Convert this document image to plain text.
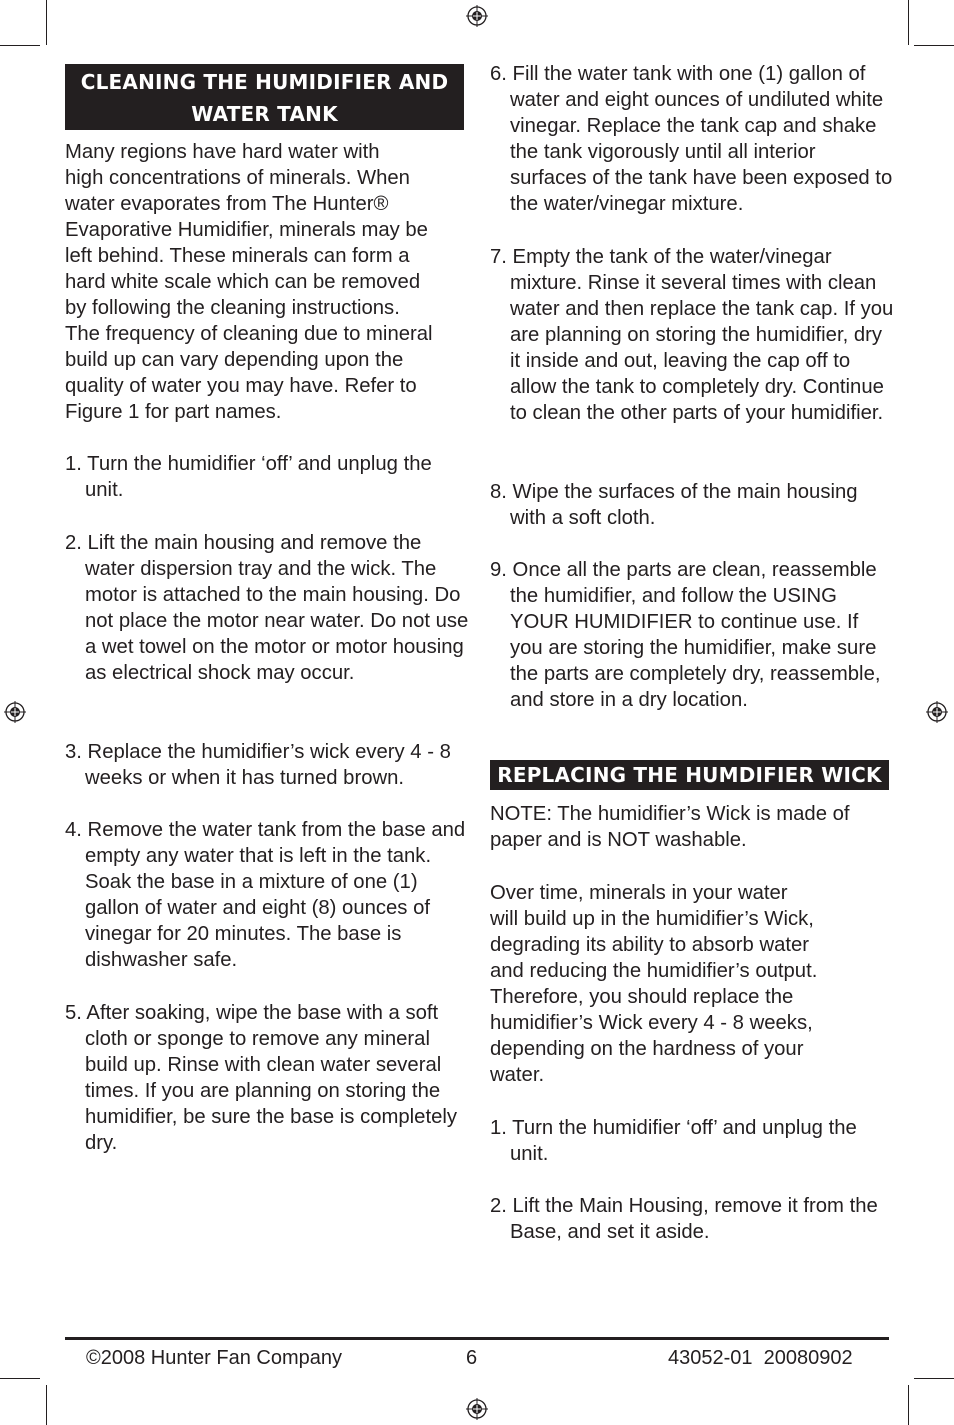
CLEANING THE HUMIDIFIER AND WATER TANK

Many regions have hard water with
high concentrations of minerals. When
water evaporates from The Hunter®
Evaporative Humidifier, minerals may be
left behind. These minerals can form a
hard white scale which can be removed
by following the cleaning instructions.
The frequency of cleaning due to mineral
build up can vary depending upon the
quality of water you may have. Refer to
Figure 1 for part names.

1. Turn the humidifier ‘off’ and unplug the unit.

2. Lift the main housing and remove the water dispersion tray and the wick. The motor is attached to the main housing. Do not place the motor near water. Do not use a wet towel on the motor or motor housing as electrical shock may occur.

3. Replace the humidifier’s wick every 4 - 8 weeks or when it has turned brown.

4. Remove the water tank from the base and empty any water that is left in the tank. Soak the base in a mixture of one (1) gallon of water and eight (8) ounces of vinegar for 20 minutes. The base is dishwasher safe.

5. After soaking, wipe the base with a soft cloth or sponge to remove any mineral build up. Rinse with clean water several times. If you are planning on storing the humidifier, be sure the base is completely dry.

6. Fill the water tank with one (1) gallon of water and eight ounces of undiluted white vinegar. Replace the tank cap and shake the tank vigorously until all interior surfaces of the tank have been exposed to the water/vinegar mixture.

7. Empty the tank of the water/vinegar mixture. Rinse it several times with clean water and then replace the tank cap. If you are planning on storing the humidifier, dry it inside and out, leaving the cap off to allow the tank to completely dry. Continue to clean the other parts of your humidifier.

8. Wipe the surfaces of the main housing with a soft cloth.

9. Once all the parts are clean, reassemble the humidifier, and follow the USING YOUR HUMIDIFIER to continue use. If you are storing the humidifier, make sure the parts are completely dry, reassemble, and store in a dry location.

REPLACING THE HUMDIFIER WICK

NOTE: The humidifier’s Wick is made of
paper and is NOT washable.

Over time, minerals in your water
will build up in the humidifier’s Wick,
degrading its ability to absorb water
and reducing the humidifier’s output.
Therefore, you should replace the
humidifier’s Wick every 4 - 8 weeks,
depending on the hardness of your
water.

1. Turn the humidifier ‘off’ and unplug the unit.

2. Lift the Main Housing, remove it from the Base, and set it aside.

©2008 Hunter Fan Company	6	43052-01  20080902
